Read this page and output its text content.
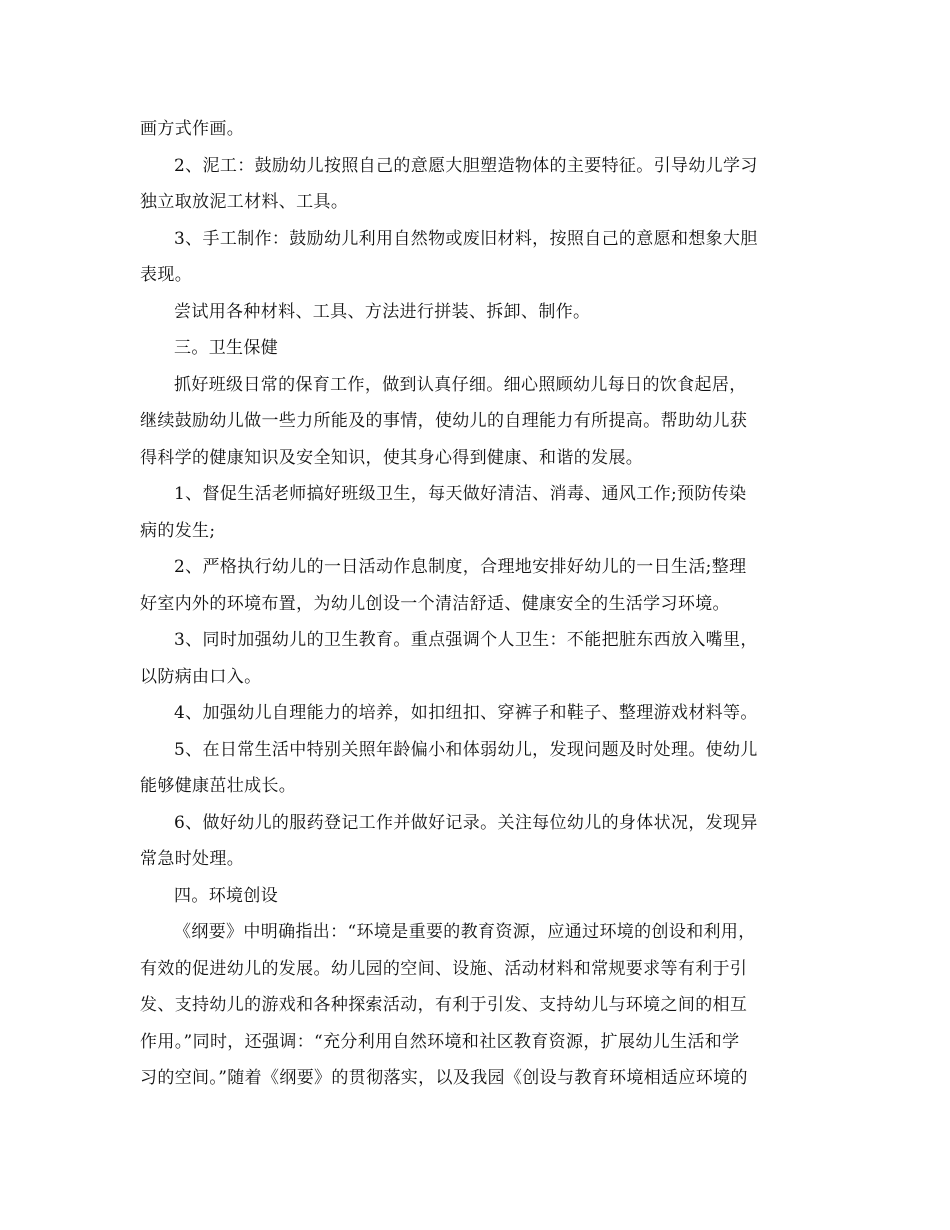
画方式作画。
2、泥工：鼓励幼儿按照自己的意愿大胆塑造物体的主要特征。引导幼儿学习
独立取放泥工材料、工具。
3、手工制作：鼓励幼儿利用自然物或废旧材料，按照自己的意愿和想象大胆
表现。
尝试用各种材料、工具、方法进行拼装、拆卸、制作。
三。卫生保健
抓好班级日常的保育工作，做到认真仔细。细心照顾幼儿每日的饮食起居，
继续鼓励幼儿做一些力所能及的事情，使幼儿的自理能力有所提高。帮助幼儿获
得科学的健康知识及安全知识，使其身心得到健康、和谐的发展。
1、督促生活老师搞好班级卫生，每天做好清洁、消毒、通风工作;预防传染
病的发生;
2、严格执行幼儿的一日活动作息制度，合理地安排好幼儿的一日生活;整理
好室内外的环境布置，为幼儿创设一个清洁舒适、健康安全的生活学习环境。
3、同时加强幼儿的卫生教育。重点强调个人卫生：不能把脏东西放入嘴里，
以防病由口入。
4、加强幼儿自理能力的培养，如扣纽扣、穿裤子和鞋子、整理游戏材料等。
5、在日常生活中特别关照年龄偏小和体弱幼儿，发现问题及时处理。使幼儿
能够健康茁壮成长。
6、做好幼儿的服药登记工作并做好记录。关注每位幼儿的身体状况，发现异
常急时处理。
四。环境创设
《纲要》中明确指出：“环境是重要的教育资源，应通过环境的创设和利用，
有效的促进幼儿的发展。幼儿园的空间、设施、活动材料和常规要求等有利于引
发、支持幼儿的游戏和各种探索活动，有利于引发、支持幼儿与环境之间的相互
作用。”同时，还强调：“充分利用自然环境和社区教育资源，扩展幼儿生活和学
习的空间。”随着《纲要》的贯彻落实，以及我园《创设与教育环境相适应环境的
